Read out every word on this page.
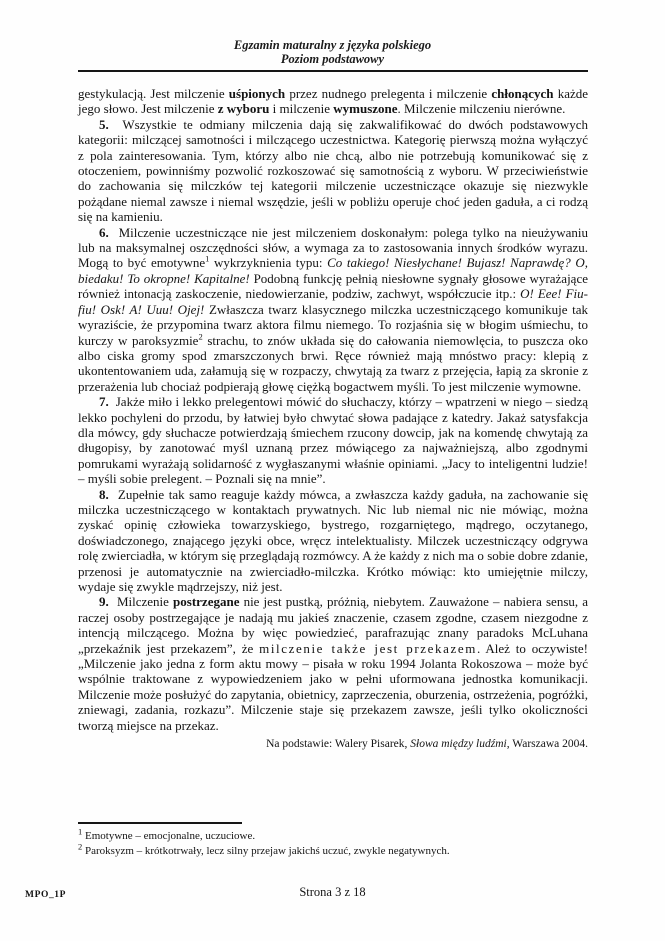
Egzamin maturalny z języka polskiego
Poziom podstawowy

gestykulacją. Jest milczenie uśpionych przez nudnego prelegenta i milczenie chłonących każde jego słowo. Jest milczenie z wyboru i milczenie wymuszone. Milczenie milczeniu nierówne.

5.  Wszystkie te odmiany milczenia dają się zakwalifikować do dwóch podstawowych kategorii: milczącej samotności i milczącego uczestnictwa. Kategorię pierwszą można wyłączyć z pola zainteresowania. Tym, którzy albo nie chcą, albo nie potrzebują komunikować się z otoczeniem, powinniśmy pozwolić rozkoszować się samotnością z wyboru. W przeciwieństwie do zachowania się milczków tej kategorii milczenie uczestniczące okazuje się niezwykle pożądane niemal zawsze i niemal wszędzie, jeśli w pobliżu operuje choć jeden gaduła, a ci rodzą się na kamieniu.

6.  Milczenie uczestniczące nie jest milczeniem doskonałym: polega tylko na nieużywaniu lub na maksymalnej oszczędności słów, a wymaga za to zastosowania innych środków wyrazu. Mogą to być emotywne$^1$ wykrzyknienia typu: Co takiego! Niesłychane! Bujasz! Naprawdę? O, biedaku! To okropne! Kapitalne! Podobną funkcję pełnią niesłowne sygnały głosowe wyrażające również intonacją zaskoczenie, niedowierzanie, podziw, zachwyt, współczucie itp.: O! Eee! Fiu-fiu! Osk! A! Uuu! Ojej! Zwłaszcza twarz klasycznego milczka uczestniczącego komunikuje tak wyraziście, że przypomina twarz aktora filmu niemego. To rozjaśnia się w błogim uśmiechu, to kurczy w paroksyzmie$^2$ strachu, to znów układa się do całowania niemowlęcia, to puszcza oko albo ciska gromy spod zmarszczonych brwi. Ręce również mają mnóstwo pracy: klepią z ukontentowaniem uda, załamują się w rozpaczy, chwytają za twarz z przejęcia, łapią za skronie z przerażenia lub chociaż podpierają głowę ciężką bogactwem myśli. To jest milczenie wymowne.

7.  Jakże miło i lekko prelegentowi mówić do słuchaczy, którzy – wpatrzeni w niego – siedzą lekko pochyleni do przodu, by łatwiej było chwytać słowa padające z katedry. Jakaż satysfakcja dla mówcy, gdy słuchacze potwierdzają śmiechem rzucony dowcip, jak na komendę chwytają za długopisy, by zanotować myśl uznaną przez mówiącego za najważniejszą, albo zgodnymi pomrukami wyrażają solidarność z wygłaszanymi właśnie opiniami. „Jacy to inteligentni ludzie! – myśli sobie prelegent. – Poznali się na mnie”.

8.  Zupełnie tak samo reaguje każdy mówca, a zwłaszcza każdy gaduła, na zachowanie się milczka uczestniczącego w kontaktach prywatnych. Nic lub niemal nic nie mówiąc, można zyskać opinię człowieka towarzyskiego, bystrego, rozgarniętego, mądrego, oczytanego, doświadczonego, znającego języki obce, wręcz intelektualisty. Milczek uczestniczący odgrywa rolę zwierciadła, w którym się przeglądają rozmówcy. A że każdy z nich ma o sobie dobre zdanie, przenosi je automatycznie na zwierciadło-milczka. Krótko mówiąc: kto umiejętnie milczy, wydaje się zwykle mądrzejszy, niż jest.

9.  Milczenie postrzegane nie jest pustką, próżnią, niebytem. Zauważone – nabiera sensu, a raczej osoby postrzegające je nadają mu jakieś znaczenie, czasem zgodne, czasem niezgodne z intencją milczącego. Można by więc powiedzieć, parafrazując znany paradoks McLuhana „przekaźnik jest przekazem”, że milczenie także jest przekazem. Ależ to oczywiste! „Milczenie jako jedna z form aktu mowy – pisała w roku 1994 Jolanta Rokoszowa – może być wspólnie traktowane z wypowiedzeniem jako w pełni uformowana jednostka komunikacji. Milczenie może posłużyć do zapytania, obietnicy, zaprzeczenia, oburzenia, ostrzeżenia, pogróżki, zniewagi, zadania, rozkazu”. Milczenie staje się przekazem zawsze, jeśli tylko okoliczności tworzą miejsce na przekaz.

Na podstawie: Walery Pisarek, Słowa między ludźmi, Warszawa 2004.

$^1$ Emotywne – emocjonalne, uczuciowe.

$^2$ Paroksyzm – krótkotrwały, lecz silny przejaw jakichś uczuć, zwykle negatywnych.

MPO_1P	Strona 3 z 18
